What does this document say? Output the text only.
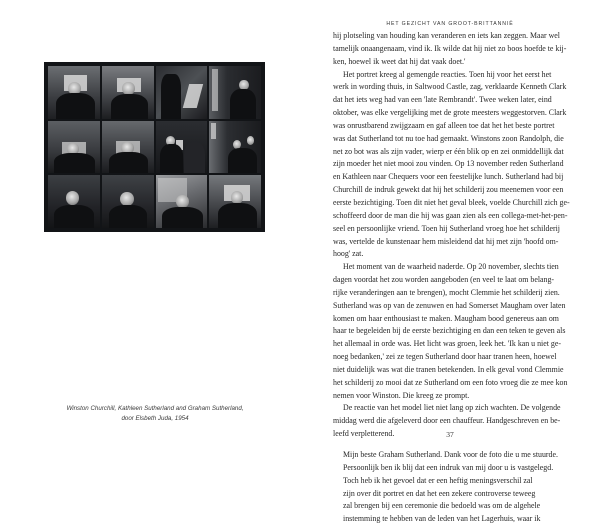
Winston Churchill, Kathleen Sutherland and Graham Sutherland,
door Elsbeth Juda, 1954
HET GEZICHT VAN GROOT-BRITTANNIË
hij plotseling van houding kan veranderen en iets kan zeggen. Maar wel
tamelijk onaangenaam, vind ik. Ik wilde dat hij niet zo boos hoefde te kij-
ken, hoewel ik weet dat hij dat vaak doet.'
Het portret kreeg al gemengde reacties. Toen hij voor het eerst het
werk in wording thuis, in Saltwood Castle, zag, verklaarde Kenneth Clark
dat het iets weg had van een 'late Rembrandt'. Twee weken later, eind
oktober, was elke vergelijking met de grote meesters weggestorven. Clark
was onrustbarend zwijgzaam en gaf alleen toe dat het het beste portret
was dat Sutherland tot nu toe had gemaakt. Winstons zoon Randolph, die
net zo bot was als zijn vader, wierp er één blik op en zei onmiddellijk dat
zijn moeder het niet mooi zou vinden. Op 13 november reden Sutherland
en Kathleen naar Chequers voor een feestelijke lunch. Sutherland had bij
Churchill de indruk gewekt dat hij het schilderij zou meenemen voor een
eerste bezichtiging. Toen dit niet het geval bleek, voelde Churchill zich ge-
schoffeerd door de man die hij was gaan zien als een collega-met-het-pen-
seel en persoonlijke vriend. Toen hij Sutherland vroeg hoe het schilderij
was, vertelde de kunstenaar hem misleidend dat hij met zijn 'hoofd om-
hoog' zat.
Het moment van de waarheid naderde. Op 20 november, slechts tien
dagen voordat het zou worden aangeboden (en veel te laat om belang-
rijke veranderingen aan te brengen), mocht Clemmie het schilderij zien.
Sutherland was op van de zenuwen en had Somerset Maugham over laten
komen om haar enthousiast te maken. Maugham bood genereus aan om
haar te begeleiden bij de eerste bezichtiging en dan een teken te geven als
het allemaal in orde was. Het licht was groen, leek het. 'Ik kan u niet ge-
noeg bedanken,' zei ze tegen Sutherland door haar tranen heen, hoewel
niet duidelijk was wat die tranen betekenden. In elk geval vond Clemmie
het schilderij zo mooi dat ze Sutherland om een foto vroeg die ze mee kon
nemen voor Winston. Die kreeg ze prompt.
De reactie van het model liet niet lang op zich wachten. De volgende
middag werd die afgeleverd door een chauffeur. Handgeschreven en be-
leefd verpletterend.
Mijn beste Graham Sutherland. Dank voor de foto die u me stuurde.
Persoonlijk ben ik blij dat een indruk van mij door u is vastgelegd.
Toch heb ik het gevoel dat er een heftig meningsverschil zal
zijn over dit portret en dat het een zekere controverse teweeg
zal brengen bij een ceremonie die bedoeld was om de algehele
instemming te hebben van de leden van het Lagerhuis, waar ik
37
